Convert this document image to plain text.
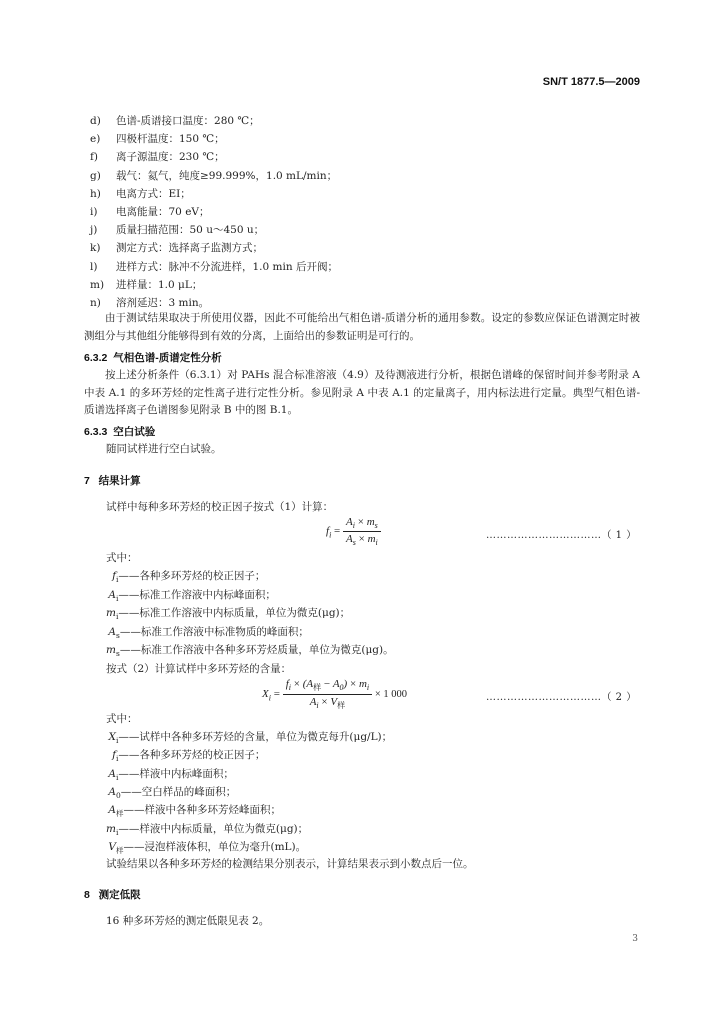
SN/T 1877.5—2009
d) 色谱-质谱接口温度：280 ℃；
e) 四极杆温度：150 ℃；
f) 离子源温度：230 ℃；
g) 载气：氦气，纯度≥99.999%，1.0 mL/min；
h) 电离方式：EI；
i) 电离能量：70 eV；
j) 质量扫描范围：50 u～450 u；
k) 测定方式：选择离子监测方式；
l) 进样方式：脉冲不分流进样，1.0 min 后开阀；
m) 进样量：1.0 μL；
n) 溶剂延迟：3 min。
由于测试结果取决于所使用仪器，因此不可能给出气相色谱-质谱分析的通用参数。设定的参数应保证色谱测定时被测组分与其他组分能够得到有效的分离，上面给出的参数证明是可行的。
6.3.2 气相色谱-质谱定性分析
按上述分析条件（6.3.1）对 PAHs 混合标准溶液（4.9）及待测液进行分析，根据色谱峰的保留时间并参考附录 A 中表 A.1 的多环芳烃的定性离子进行定性分析。参见附录 A 中表 A.1 的定量离子，用内标法进行定量。典型气相色谱-质谱选择离子色谱图参见附录 B 中的图 B.1。
6.3.3 空白试验
随同试样进行空白试验。
7 结果计算
试样中每种多环芳烃的校正因子按式（1）计算：
$f_i = \frac{A_i \times m_s}{A_s \times m_i}$	……………………………（ 1 ）
式中：
$f_i——$各种多环芳烃的校正因子；
$A_i——$标准工作溶液中内标峰面积；
$m_i——$标准工作溶液中内标质量，单位为微克(μg)；
$A_s——$标准工作溶液中标准物质的峰面积；
$m_s——$标准工作溶液中各种多环芳烃质量，单位为微克(μg)。
按式（2）计算试样中多环芳烃的含量：
$X_i = \frac{f_i \times (A_样 - A_0) \times m_i}{A_i \times V_样} \times 1$ 000	……………………………（ 2 ）
式中：
$X_i——$试样中各种多环芳烃的含量，单位为微克每升(μg/L)；
$f_i——$各种多环芳烃的校正因子；
$A_i——$样液中内标峰面积；
$A_0——$空白样品的峰面积；
$A_样——$样液中各种多环芳烃峰面积；
$m_i——$样液中内标质量，单位为微克(μg)；
$V_样——$浸泡样液体积，单位为毫升(mL)。
试验结果以各种多环芳烃的检测结果分别表示，计算结果表示到小数点后一位。
8 测定低限
16 种多环芳烃的测定低限见表 2。
3
